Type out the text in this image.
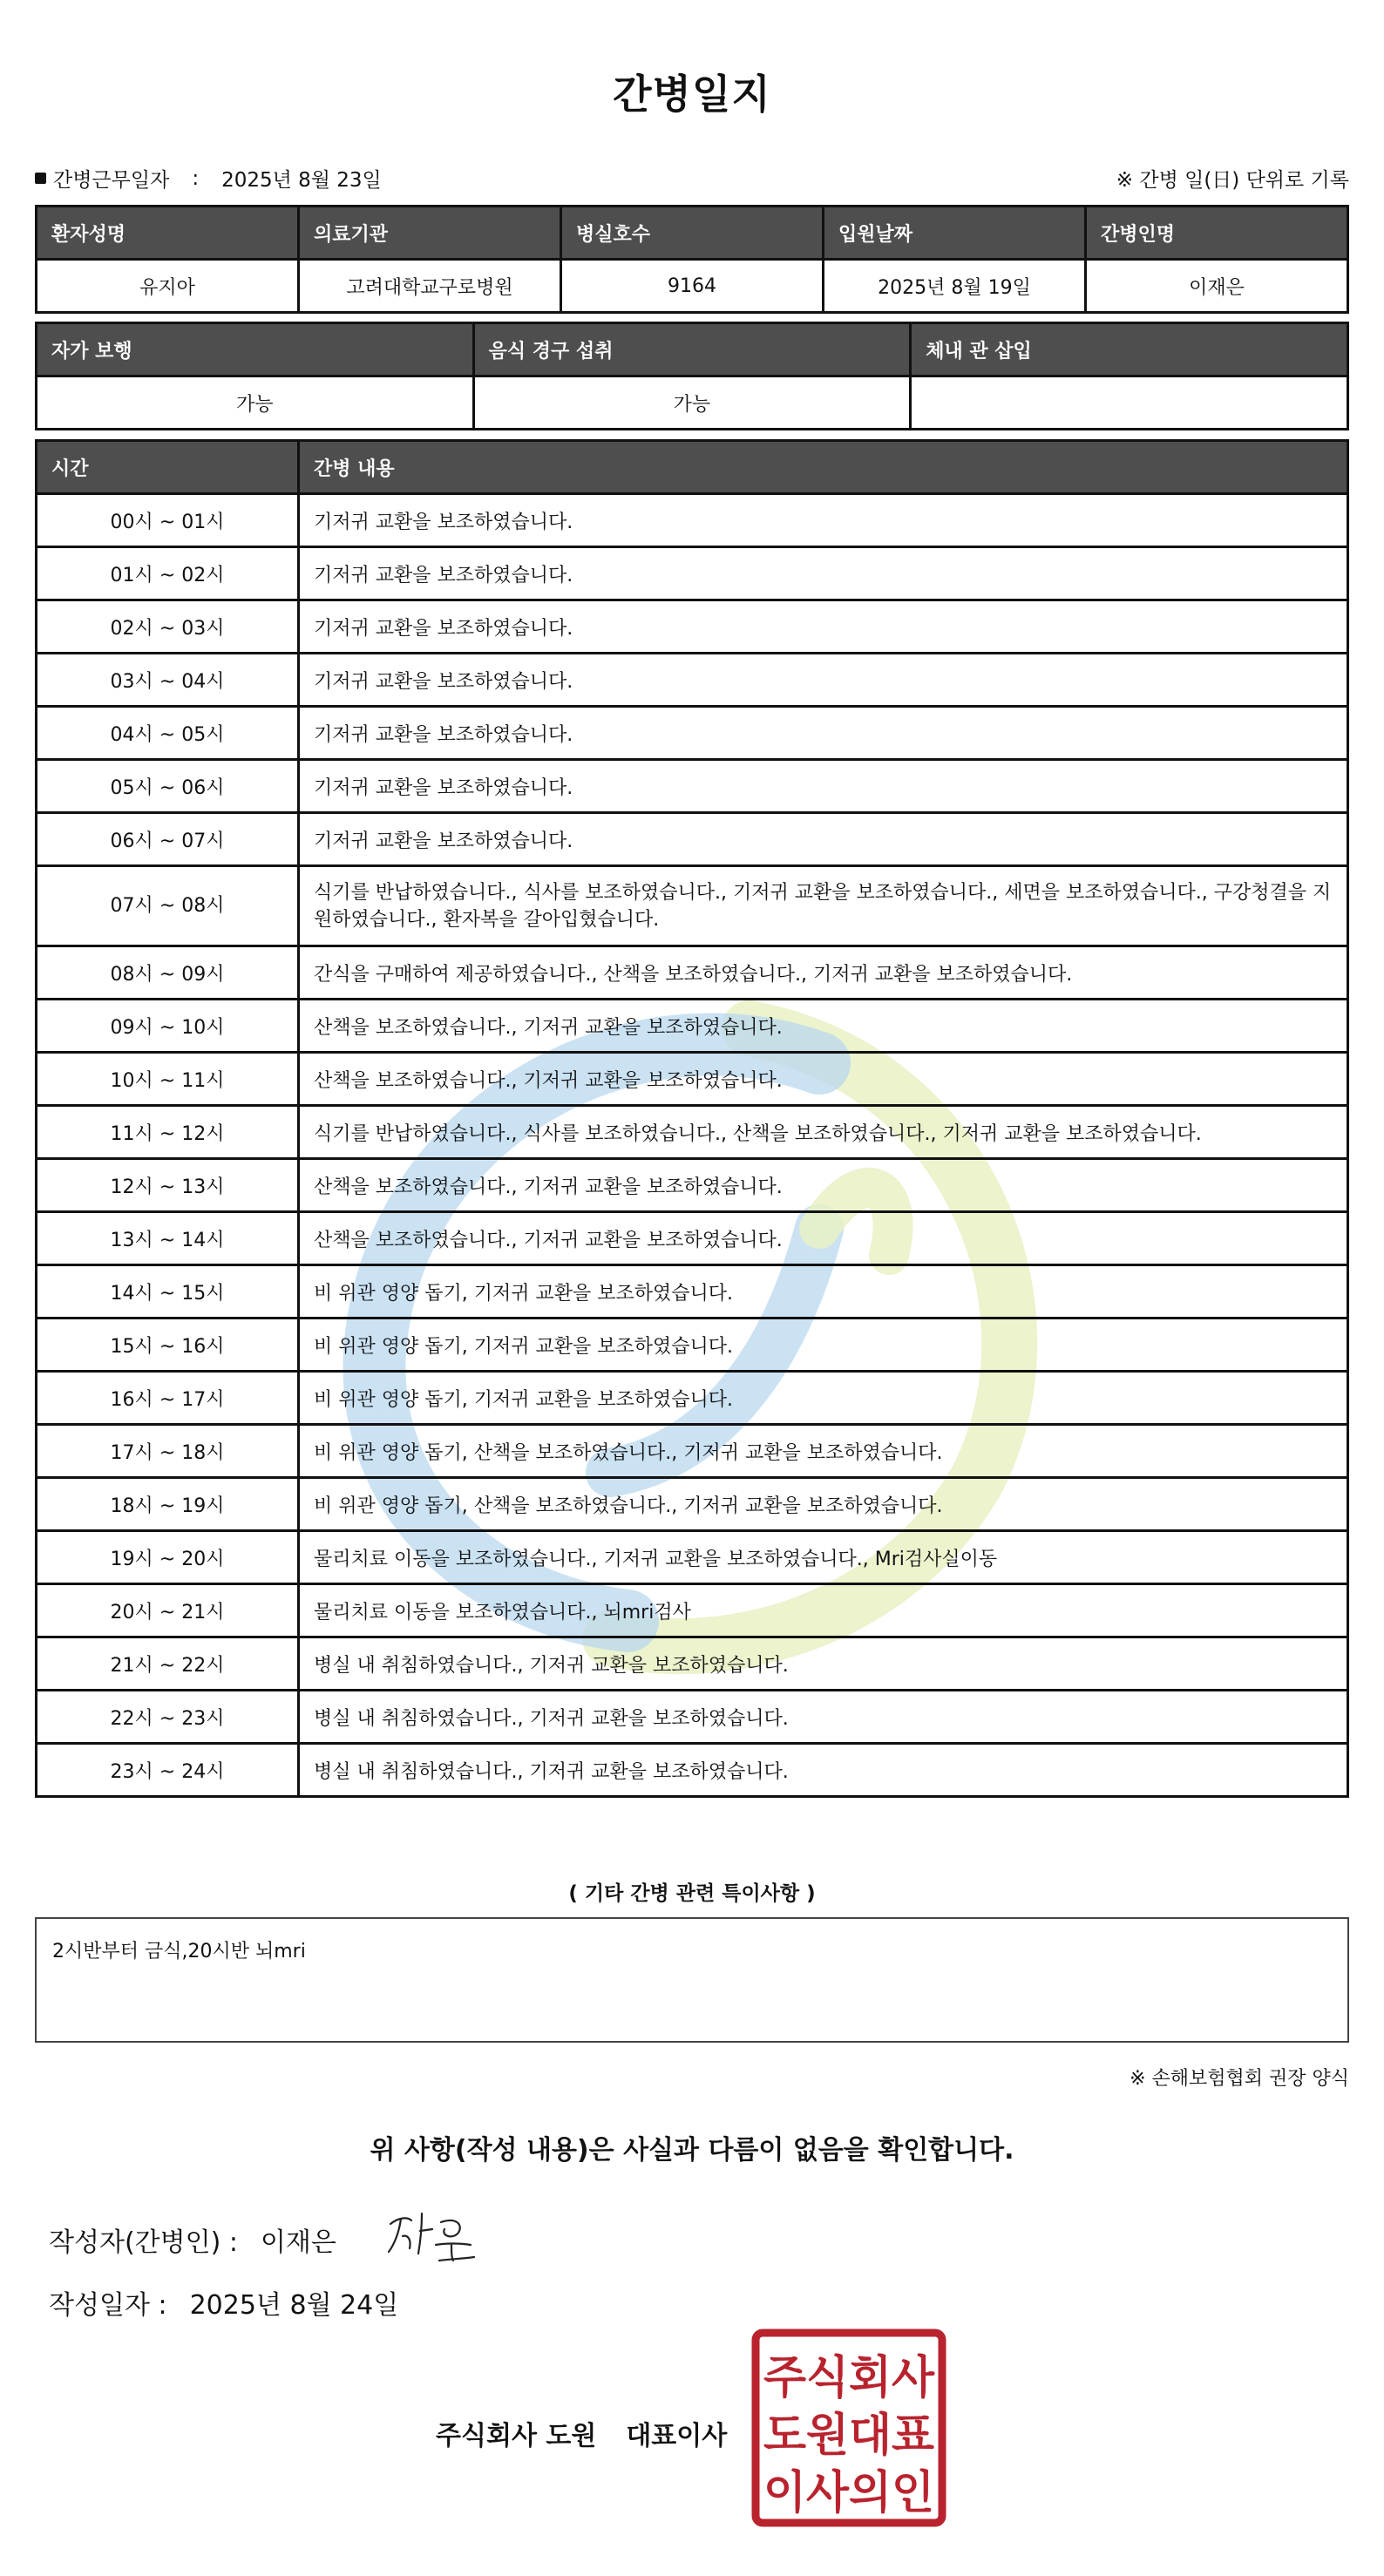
간병일지
간병근무일자 : 2025년 8월 23일	※ 간병 일(日) 단위로 기록
환자성명	의료기관	병실호수	입원날짜	간병인명
유지아	고려대학교구로병원	9164	2025년 8월 19일	이재은
자가 보행	음식 경구 섭취	체내 관 삽입
가능	가능	
시간	간병 내용
00시 ~ 01시	기저귀 교환을 보조하였습니다.
01시 ~ 02시	기저귀 교환을 보조하였습니다.
02시 ~ 03시	기저귀 교환을 보조하였습니다.
03시 ~ 04시	기저귀 교환을 보조하였습니다.
04시 ~ 05시	기저귀 교환을 보조하였습니다.
05시 ~ 06시	기저귀 교환을 보조하였습니다.
06시 ~ 07시	기저귀 교환을 보조하였습니다.
07시 ~ 08시	식기를 반납하였습니다., 식사를 보조하였습니다., 기저귀 교환을 보조하였습니다., 세면을 보조하였습니다., 구강청결을 지원하였습니다., 환자복을 갈아입혔습니다.
08시 ~ 09시	간식을 구매하여 제공하였습니다., 산책을 보조하였습니다., 기저귀 교환을 보조하였습니다.
09시 ~ 10시	산책을 보조하였습니다., 기저귀 교환을 보조하였습니다.
10시 ~ 11시	산책을 보조하였습니다., 기저귀 교환을 보조하였습니다.
11시 ~ 12시	식기를 반납하였습니다., 식사를 보조하였습니다., 산책을 보조하였습니다., 기저귀 교환을 보조하였습니다.
12시 ~ 13시	산책을 보조하였습니다., 기저귀 교환을 보조하였습니다.
13시 ~ 14시	산책을 보조하였습니다., 기저귀 교환을 보조하였습니다.
14시 ~ 15시	비 위관 영양 돕기, 기저귀 교환을 보조하였습니다.
15시 ~ 16시	비 위관 영양 돕기, 기저귀 교환을 보조하였습니다.
16시 ~ 17시	비 위관 영양 돕기, 기저귀 교환을 보조하였습니다.
17시 ~ 18시	비 위관 영양 돕기, 산책을 보조하였습니다., 기저귀 교환을 보조하였습니다.
18시 ~ 19시	비 위관 영양 돕기, 산책을 보조하였습니다., 기저귀 교환을 보조하였습니다.
19시 ~ 20시	물리치료 이동을 보조하였습니다., 기저귀 교환을 보조하였습니다., Mri검사실이동
20시 ~ 21시	물리치료 이동을 보조하였습니다., 뇌mri검사
21시 ~ 22시	병실 내 취침하였습니다., 기저귀 교환을 보조하였습니다.
22시 ~ 23시	병실 내 취침하였습니다., 기저귀 교환을 보조하였습니다.
23시 ~ 24시	병실 내 취침하였습니다., 기저귀 교환을 보조하였습니다.
( 기타 간병 관련 특이사항 )
2시반부터 금식,20시반 뇌mri
※ 손해보험협회 권장 양식
위 사항(작성 내용)은 사실과 다름이 없음을 확인합니다.
작성자(간병인) : 이재은
작성일자 : 2025년 8월 24일
주식회사 도원 대표이사
주식회사
도원대표
이사의인
